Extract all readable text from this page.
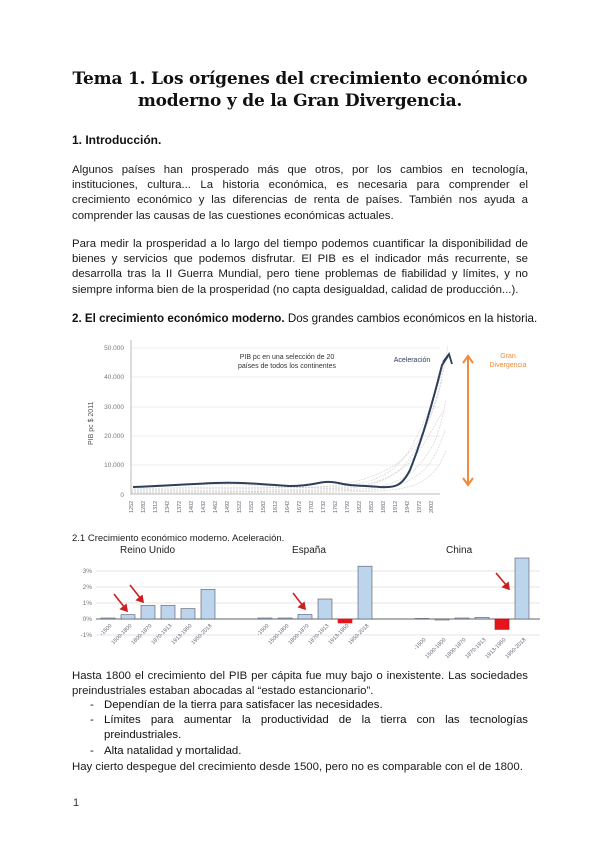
Tema 1. Los orígenes del crecimiento económico
moderno y de la Gran Divergencia.
1. Introducción.
Algunos países han prosperado más que otros, por los cambios en tecnología, instituciones, cultura... La historia económica, es necesaria para comprender el crecimiento económico y las diferencias de renta de países. También nos ayuda a comprender las causas de las cuestiones económicas actuales.
Para medir la prosperidad a lo largo del tiempo podemos cuantificar la disponibilidad de bienes y servicios que podemos disfrutar. El PIB es el indicador más recurrente, se desarrolla tras la II Guerra Mundial, pero tiene problemas de fiabilidad y límites, y no siempre informa bien de la prosperidad (no capta desigualdad, calidad de producción...).
2. El crecimiento económico moderno. Dos grandes cambios económicos en la historia.
50.000
40.000
30.000
20.000
10.000
0
PIB pc $ 2011
1252 1282 1312 1342 1372 1402 1432 1462 1492 1522 1552 1582 1612 1642 1672 1702 1732 1762 1792 1822 1852 1882 1912 1942 1972 2002
PIB pc en una selección de 20
países de todos los continentes
Aceleración
Gran
Divergencia
2.1 Crecimiento económico moderno. Aceleración.
Reino Unido	España	China
3%
2%
1%
0%
-1% -1500
1500-1800
1800-1870
1870-1913
1913-1950
1950-2018	-1500
1500-1800
1800-1870
1870-1913
1913-1950
1950-2018	-1500
1500-1800
1800-1870
1870-1913
1913-1950
1950-2018
Hasta 1800 el crecimiento del PIB per cápita fue muy bajo o inexistente. Las sociedades preindustriales estaban abocadas al “estado estancionario”.
- Dependían de la tierra para satisfacer las necesidades.
- Límites para aumentar la productividad de la tierra con las tecnologías preindustriales.
- Alta natalidad y mortalidad.
Hay cierto despegue del crecimiento desde 1500, pero no es comparable con el de 1800.
1
